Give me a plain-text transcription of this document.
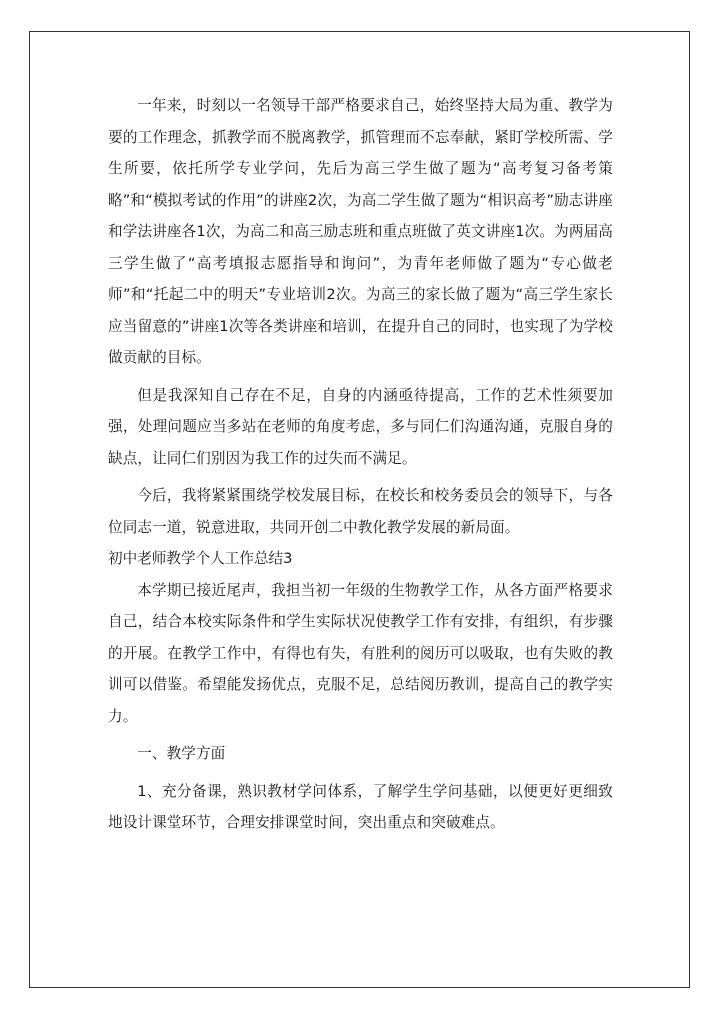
一年来，时刻以一名领导干部严格要求自己，始终坚持大局为重、教学为要的工作理念，抓教学而不脱离教学，抓管理而不忘奉献，紧盯学校所需、学生所要，依托所学专业学问，先后为高三学生做了题为“高考复习备考策略”和“模拟考试的作用”的讲座2次，为高二学生做了题为“相识高考”励志讲座和学法讲座各1次，为高二和高三励志班和重点班做了英文讲座1次。为两届高三学生做了“高考填报志愿指导和询问”，为青年老师做了题为“专心做老师”和“托起二中的明天”专业培训2次。为高三的家长做了题为“高三学生家长应当留意的”讲座1次等各类讲座和培训，在提升自己的同时，也实现了为学校做贡献的目标。

但是我深知自己存在不足，自身的内涵亟待提高，工作的艺术性须要加强，处理问题应当多站在老师的角度考虑，多与同仁们沟通沟通，克服自身的缺点，让同仁们别因为我工作的过失而不满足。

今后，我将紧紧围绕学校发展目标，在校长和校务委员会的领导下，与各位同志一道，锐意进取，共同开创二中教化教学发展的新局面。

初中老师教学个人工作总结3

本学期已接近尾声，我担当初一年级的生物教学工作，从各方面严格要求自己，结合本校实际条件和学生实际状况使教学工作有安排，有组织，有步骤的开展。在教学工作中，有得也有失，有胜利的阅历可以吸取，也有失败的教训可以借鉴。希望能发扬优点，克服不足，总结阅历教训，提高自己的教学实力。

一、教学方面

1、充分备课，熟识教材学问体系，了解学生学问基础，以便更好更细致地设计课堂环节，合理安排课堂时间，突出重点和突破难点。
